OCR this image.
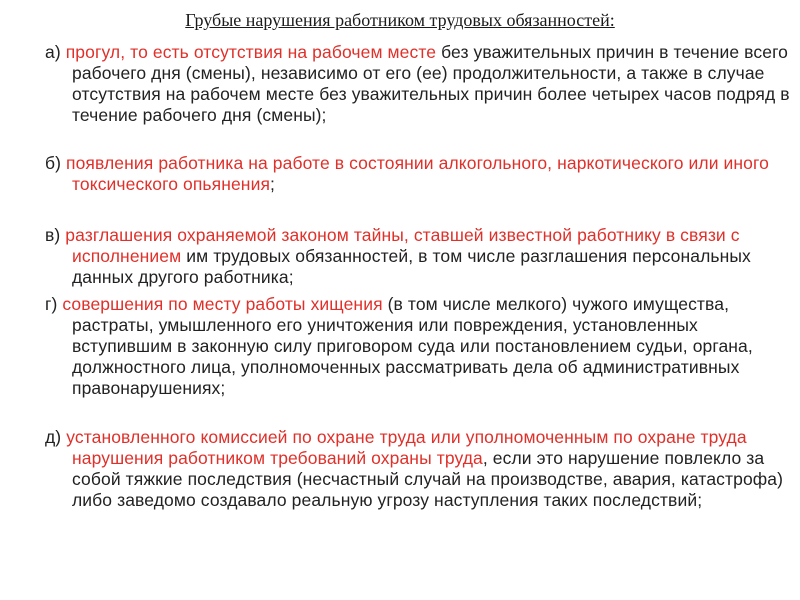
Грубые нарушения работником трудовых обязанностей:
а) прогул, то есть отсутствия на рабочем месте без уважительных причин в течение всего рабочего дня (смены), независимо от его (ее) продолжительности, а также в случае отсутствия на рабочем месте без уважительных причин более четырех часов подряд в течение рабочего дня (смены);
б) появления работника на работе в состоянии алкогольного, наркотического или иного токсического опьянения;
в) разглашения охраняемой законом тайны, ставшей известной работнику в связи с исполнением им трудовых обязанностей, в том числе разглашения персональных данных другого работника;
г) совершения по месту работы хищения (в том числе мелкого) чужого имущества, растраты, умышленного его уничтожения или повреждения, установленных вступившим в законную силу приговором суда или постановлением судьи, органа, должностного лица, уполномоченных рассматривать дела об административных правонарушениях;
д) установленного комиссией по охране труда или уполномоченным по охране труда нарушения работником требований охраны труда, если это нарушение повлекло за собой тяжкие последствия (несчастный случай на производстве, авария, катастрофа) либо заведомо создавало реальную угрозу наступления таких последствий;
